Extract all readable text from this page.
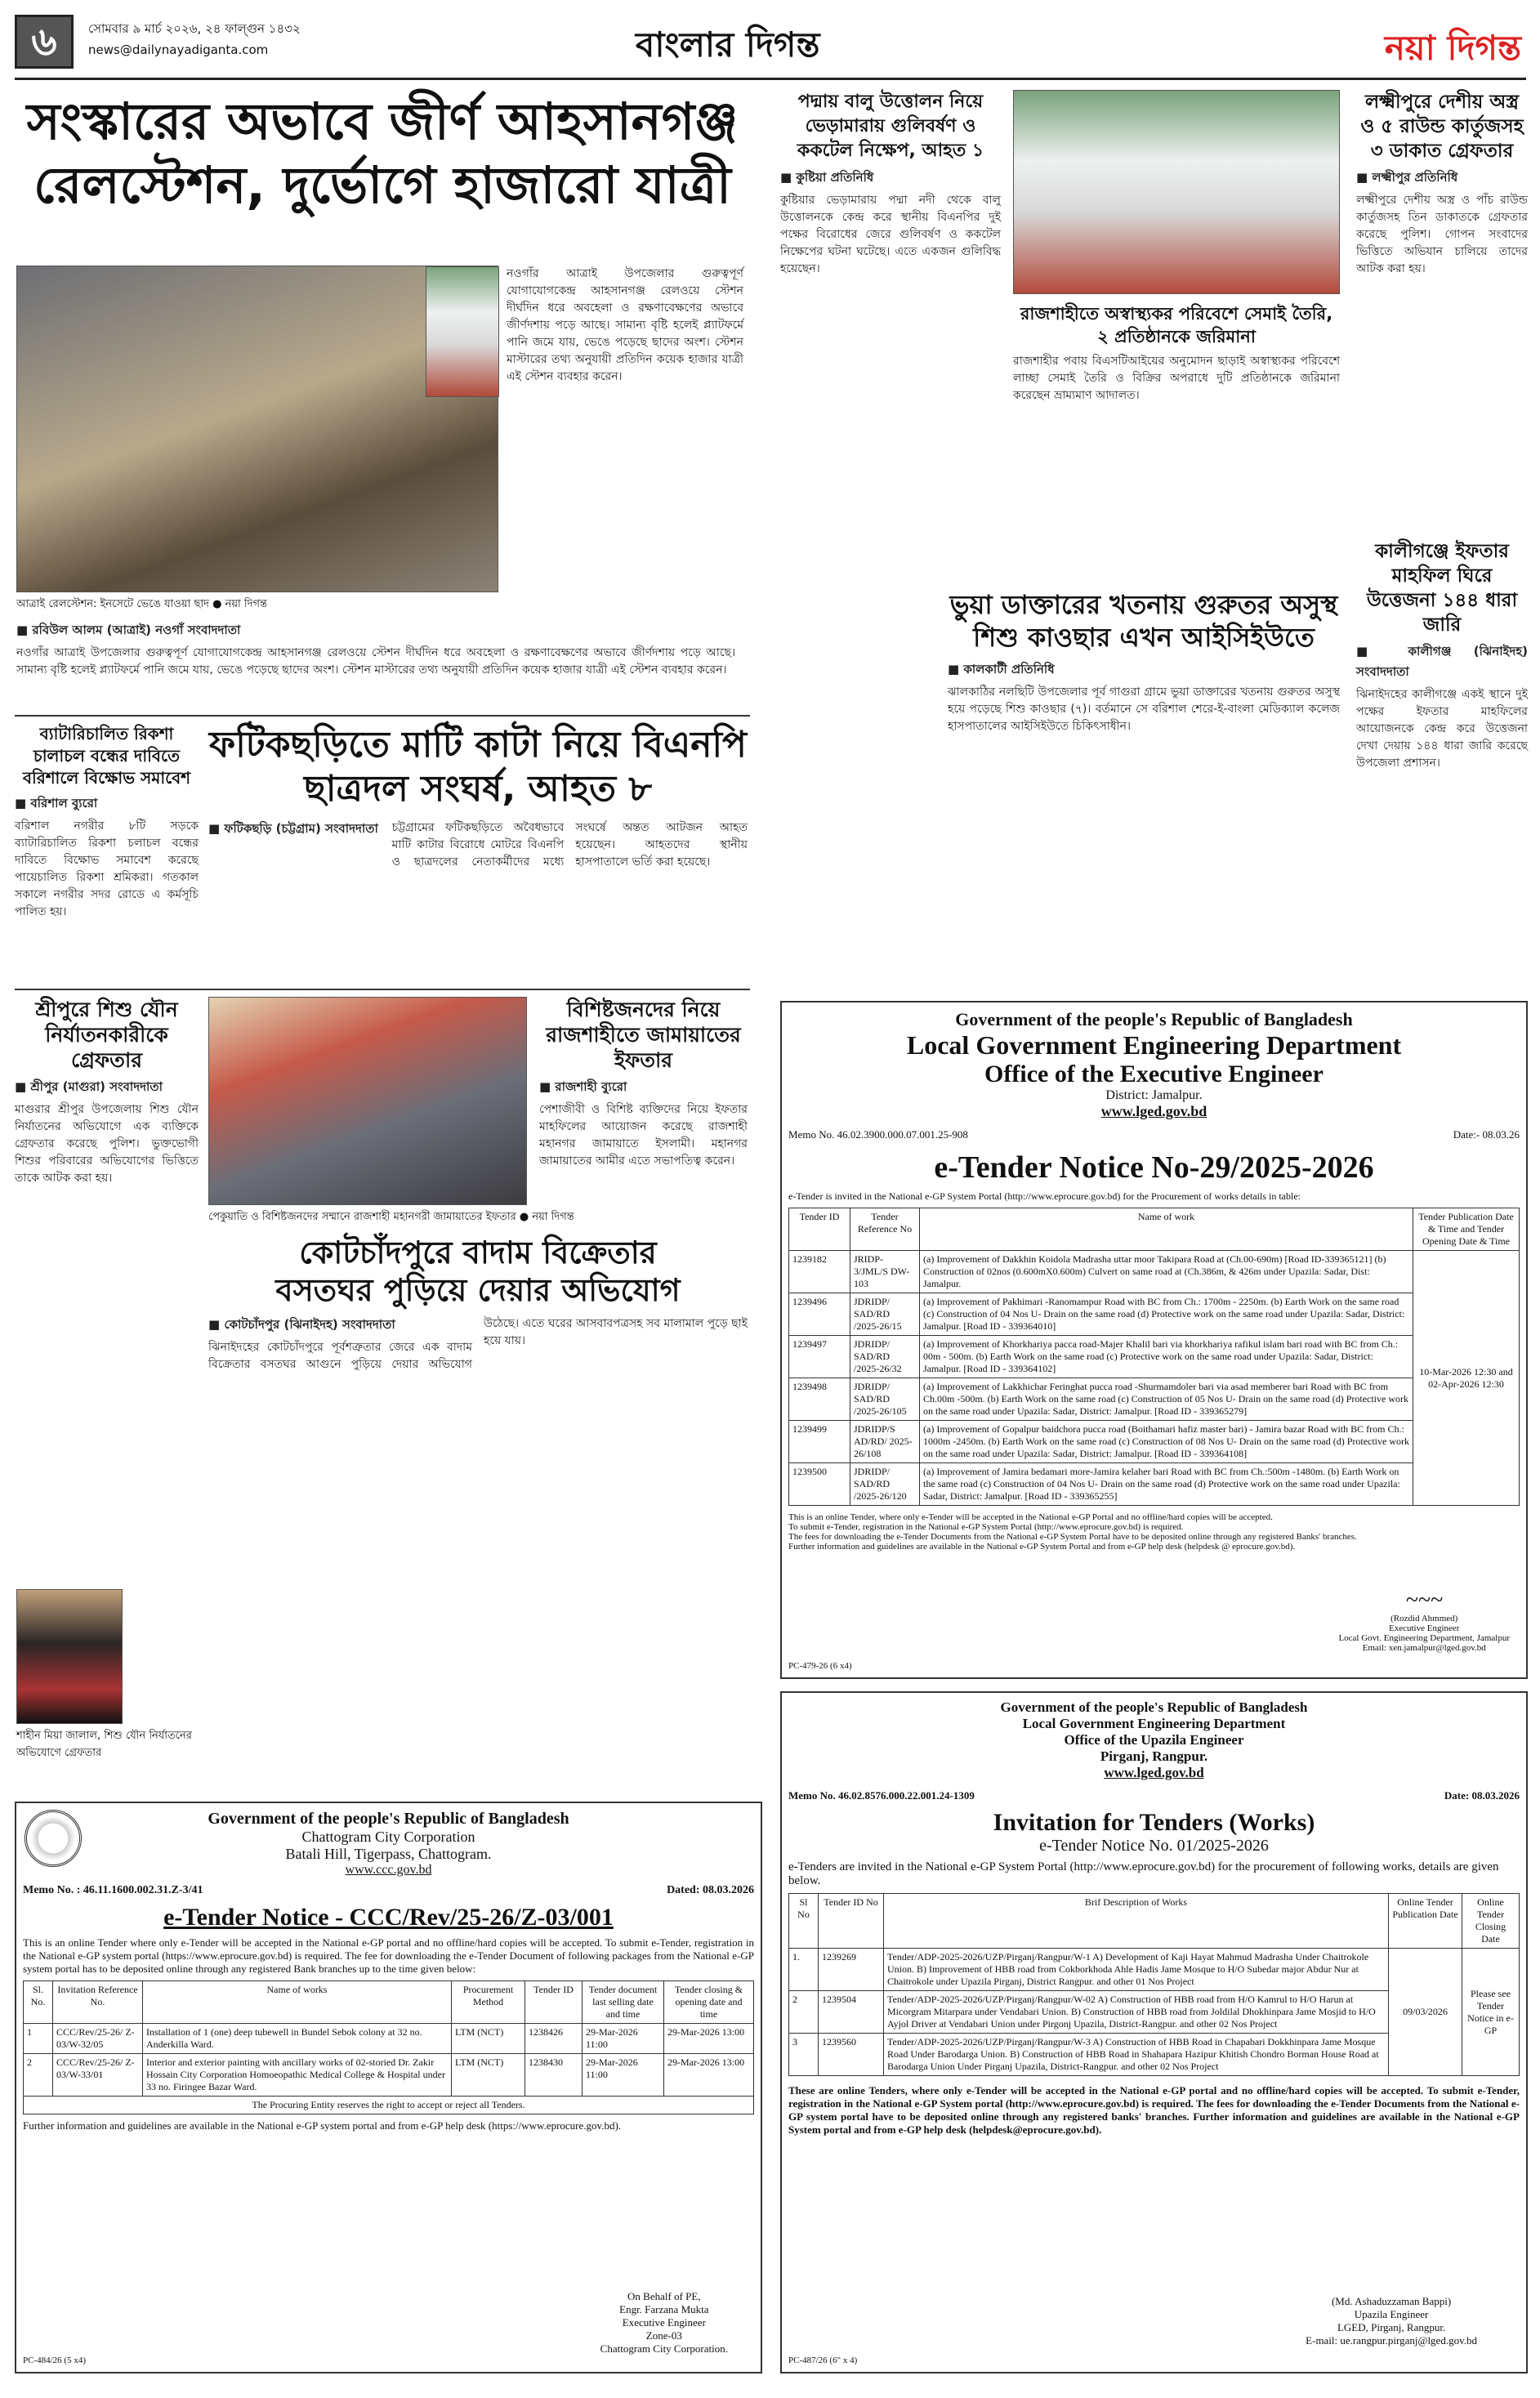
৬	সোমবার ৯ মার্চ ২০২৬, ২৪ ফাল্গুন ১৪৩২
news@dailynayadiganta.com	বাংলার দিগন্ত	নয়া দিগন্ত
সংস্কারের অভাবে জীর্ণ আহসানগঞ্জ
রেলস্টেশন, দুর্ভোগে হাজারো যাত্রী
আত্রাই রেলস্টেশন: ইনসেটে ভেঙে যাওয়া ছাদ ● নয়া দিগন্ত
■ রবিউল আলম (আত্রাই) নওগাঁ সংবাদদাতা
নওগাঁর আত্রাই উপজেলার গুরুত্বপূর্ণ যোগাযোগকেন্দ্র আহসানগঞ্জ রেলওয়ে স্টেশন দীর্ঘদিন ধরে অবহেলা ও রক্ষণাবেক্ষণের অভাবে জীর্ণদশায় পড়ে আছে। সামান্য বৃষ্টি হলেই প্ল্যাটফর্মে পানি জমে যায়, ভেঙে পড়েছে ছাদের অংশ। স্টেশন মাস্টারের তথ্য অনুযায়ী প্রতিদিন কয়েক হাজার যাত্রী এই স্টেশন ব্যবহার করেন।
নওগাঁর আত্রাই উপজেলার গুরুত্বপূর্ণ যোগাযোগকেন্দ্র আহসানগঞ্জ রেলওয়ে স্টেশন দীর্ঘদিন ধরে অবহেলা ও রক্ষণাবেক্ষণের অভাবে জীর্ণদশায় পড়ে আছে। সামান্য বৃষ্টি হলেই প্ল্যাটফর্মে পানি জমে যায়, ভেঙে পড়েছে ছাদের অংশ। স্টেশন মাস্টারের তথ্য অনুযায়ী প্রতিদিন কয়েক হাজার যাত্রী এই স্টেশন ব্যবহার করেন।
ব্যাটারিচালিত রিকশা চালাচল বন্ধের দাবিতে বরিশালে বিক্ষোভ সমাবেশ
■ বরিশাল ব্যুরো
বরিশাল নগরীর ৮টি সড়কে ব্যাটারিচালিত রিকশা চলাচল বন্ধের দাবিতে বিক্ষোভ সমাবেশ করেছে পায়েচালিত রিকশা শ্রমিকরা। গতকাল সকালে নগরীর সদর রোডে এ কর্মসূচি পালিত হয়।
ফটিকছড়িতে মাটি কাটা নিয়ে বিএনপি
ছাত্রদল সংঘর্ষ, আহত ৮
■ ফটিকছড়ি (চট্টগ্রাম) সংবাদদাতা চট্টগ্রামের ফটিকছড়িতে অবৈধভাবে মাটি কাটার বিরোধে মোটরে বিএনপি ও ছাত্রদলের নেতাকর্মীদের মধ্যে সংঘর্ষে অন্তত আটজন আহত হয়েছেন। আহতদের স্থানীয় হাসপাতালে ভর্তি করা হয়েছে।
শ্রীপুরে শিশু যৌন নির্যাতনকারীকে গ্রেফতার
■ শ্রীপুর (মাগুরা) সংবাদদাতা
মাগুরার শ্রীপুর উপজেলায় শিশু যৌন নির্যাতনের অভিযোগে এক ব্যক্তিকে গ্রেফতার করেছে পুলিশ। ভুক্তভোগী শিশুর পরিবারের অভিযোগের ভিত্তিতে তাকে আটক করা হয়।
শাহীন মিয়া জালাল, শিশু যৌন নির্যাতনের অভিযোগে গ্রেফতার
পেকুয়াতি ও বিশিষ্টজনদের সম্মানে রাজশাহী মহানগরী জামায়াতের ইফতার ● নয়া দিগন্ত
বিশিষ্টজনদের নিয়ে রাজশাহীতে জামায়াতের ইফতার
■ রাজশাহী ব্যুরো
পেশাজীবী ও বিশিষ্ট ব্যক্তিদের নিয়ে ইফতার মাহফিলের আয়োজন করেছে রাজশাহী মহানগর জামায়াতে ইসলামী। মহানগর জামায়াতের আমীর এতে সভাপতিত্ব করেন।
কোটচাঁদপুরে বাদাম বিক্রেতার
বসতঘর পুড়িয়ে দেয়ার অভিযোগ
■ কোটচাঁদপুর (ঝিনাইদহ) সংবাদদাতা
ঝিনাইদহের কোটচাঁদপুরে পূর্বশত্রুতার জেরে এক বাদাম বিক্রেতার বসতঘর আগুনে পুড়িয়ে দেয়ার অভিযোগ উঠেছে। এতে ঘরের আসবাবপত্রসহ সব মালামাল পুড়ে ছাই হয়ে যায়।
পদ্মায় বালু উত্তোলন নিয়ে ভেড়ামারায় গুলিবর্ষণ ও ককটেল নিক্ষেপ, আহত ১
■ কুষ্টিয়া প্রতিনিধি
কুষ্টিয়ার ভেড়ামারায় পদ্মা নদী থেকে বালু উত্তোলনকে কেন্দ্র করে স্থানীয় বিএনপির দুই পক্ষের বিরোধের জেরে গুলিবর্ষণ ও ককটেল নিক্ষেপের ঘটনা ঘটেছে। এতে একজন গুলিবিদ্ধ হয়েছেন।
রাজশাহীতে অস্বাস্থ্যকর পরিবেশে সেমাই তৈরি, ২ প্রতিষ্ঠানকে জরিমানা
রাজশাহীর পবায় বিএসটিআইয়ের অনুমোদন ছাড়াই অস্বাস্থ্যকর পরিবেশে লাচ্ছা সেমাই তৈরি ও বিক্রির অপরাধে দুটি প্রতিষ্ঠানকে জরিমানা করেছেন ভ্রাম্যমাণ আদালত।
লক্ষ্মীপুরে দেশীয় অস্ত্র ও ৫ রাউন্ড কার্তুজসহ ৩ ডাকাত গ্রেফতার
■ লক্ষ্মীপুর প্রতিনিধি
লক্ষ্মীপুরে দেশীয় অস্ত্র ও পাঁচ রাউন্ড কার্তুজসহ তিন ডাকাতকে গ্রেফতার করেছে পুলিশ। গোপন সংবাদের ভিত্তিতে অভিযান চালিয়ে তাদের আটক করা হয়।
ভুয়া ডাক্তারের খতনায় গুরুতর অসুস্থ
শিশু কাওছার এখন আইসিইউতে
■ কালকাটী প্রতিনিধি
ঝালকাঠির নলছিটি উপজেলার পূর্ব গাগুরা গ্রামে ভুয়া ডাক্তারের খতনায় গুরুতর অসুস্থ হয়ে পড়েছে শিশু কাওছার (৭)। বর্তমানে সে বরিশাল শেরে-ই-বাংলা মেডিক্যাল কলেজ হাসপাতালের আইসিইউতে চিকিৎসাধীন।
কালীগঞ্জে ইফতার মাহফিল ঘিরে উত্তেজনা ১৪৪ ধারা জারি
■ কালীগঞ্জ (ঝিনাইদহ) সংবাদদাতা
ঝিনাইদহের কালীগঞ্জে একই স্থানে দুই পক্ষের ইফতার মাহফিলের আয়োজনকে কেন্দ্র করে উত্তেজনা দেখা দেয়ায় ১৪৪ ধারা জারি করেছে উপজেলা প্রশাসন।
Government of the people's Republic of Bangladesh
Local Government Engineering Department
Office of the Executive Engineer
District: Jamalpur.
www.lged.gov.bd
Memo No. 46.02.3900.000.07.001.25-908	Date:- 08.03.26
e-Tender Notice No-29/2025-2026
e-Tender is invited in the National e-GP System Portal (http://www.eprocure.gov.bd) for the Procurement of works details in table:
Tender ID	Tender Reference No	Name of work	Tender Publication Date & Time and Tender Opening Date & Time
1239182	JRIDP-3/JML/S DW-103	(a) Improvement of Dakkhin Koidola Madrasha uttar moor Takipara Road at (Ch.00-690m) [Road ID-339365121] (b) Construction of 02nos (0.600mX0.600m) Culvert on same road at (Ch.386m, & 426m under Upazila: Sadar, Dist: Jamalpur.	10-Mar-2026 12:30 and 02-Apr-2026 12:30
1239496	JDRIDP/ SAD/RD /2025-26/15	(a) Improvement of Pakhimari -Ranomampur Road with BC from Ch.: 1700m - 2250m. (b) Earth Work on the same road (c) Construction of 04 Nos U- Drain on the same road (d) Protective work on the same road under Upazila: Sadar, District: Jamalpur. [Road ID - 339364010]	
1239497	JDRIDP/ SAD/RD /2025-26/32	(a) Improvement of Khorkhariya pacca road-Majer Khalil bari via khorkhariya rafikul islam bari road with BC from Ch.: 00m - 500m. (b) Earth Work on the same road (c) Protective work on the same road under Upazila: Sadar, District: Jamalpur. [Road ID - 339364102]	
1239498	JDRIDP/ SAD/RD /2025-26/105	(a) Improvement of Lakkhichar Feringhat pucca road -Shurmamdoler bari via asad memberer bari Road with BC from Ch.00m -500m. (b) Earth Work on the same road (c) Construction of 05 Nos U- Drain on the same road (d) Protective work on the same road under Upazila: Sadar, District: Jamalpur. [Road ID - 339365279]	
1239499	JDRIDP/S AD/RD/ 2025-26/108	(a) Improvement of Gopalpur baidchora pucca road (Boithamari hafiz master bari) - Jamira bazar Road with BC from Ch.: 1000m -2450m. (b) Earth Work on the same road (c) Construction of 08 Nos U- Drain on the same road (d) Protective work on the same road under Upazila: Sadar, District: Jamalpur. [Road ID - 339364108]	
1239500	JDRIDP/ SAD/RD /2025-26/120	(a) Improvement of Jamira bedamari more-Jamira kelaher bari Road with BC from Ch.:500m -1480m. (b) Earth Work on the same road (c) Construction of 04 Nos U- Drain on the same road (d) Protective work on the same road under Upazila: Sadar, District: Jamalpur. [Road ID - 339365255]	
This is an online Tender, where only e-Tender will be accepted in the National e-GP Portal and no offline/hard copies will be accepted.
To submit e-Tender, registration in the National e-GP System Portal (http://www.eprocure.gov.bd) is required.
The fees for downloading the e-Tender Documents from the National e-GP System Portal have to be deposited online through any registered Banks' branches.
Further information and guidelines are available in the National e-GP System Portal and from e-GP help desk (helpdesk @ eprocure.gov.bd).
~~~
(Rozdid Ahmmed)
Executive Engineer
Local Govt. Engineering Department, Jamalpur
Email: xen.jamalpur@lged.gov.bd
PC-479-26 (6 x4)
Government of the people's Republic of Bangladesh
Chattogram City Corporation
Batali Hill, Tigerpass, Chattogram.
www.ccc.gov.bd
Memo No. : 46.11.1600.002.31.Z-3/41	Dated: 08.03.2026
e-Tender Notice - CCC/Rev/25-26/Z-03/001
This is an online Tender where only e-Tender will be accepted in the National e-GP portal and no offline/hard copies will be accepted. To submit e-Tender, registration in the National e-GP system portal (https://www.eprocure.gov.bd) is required. The fee for downloading the e-Tender Document of following packages from the National e-GP system portal has to be deposited online through any registered Bank branches up to the time given below:
Sl. No.	Invitation Reference No.	Name of works	Procurement Method	Tender ID	Tender document last selling date and time	Tender closing & opening date and time
1	CCC/Rev/25-26/ Z-03/W-32/05	Installation of 1 (one) deep tubewell in Bundel Sebok colony at 32 no. Anderkilla Ward.	LTM (NCT)	1238426	29-Mar-2026 11:00	29-Mar-2026 13:00
2	CCC/Rev/25-26/ Z-03/W-33/01	Interior and exterior painting with ancillary works of 02-storied Dr. Zakir Hossain City Corporation Homoeopathic Medical College & Hospital under 33 no. Firingee Bazar Ward.	LTM (NCT)	1238430	29-Mar-2026 11:00	29-Mar-2026 13:00
The Procuring Entity reserves the right to accept or reject all Tenders.						
Further information and guidelines are available in the National e-GP system portal and from e-GP help desk (https://www.eprocure.gov.bd).
On Behalf of PE,
Engr. Farzana Mukta
Executive Engineer
Zone-03
Chattogram City Corporation.
PC-484/26 (5 x4)
Government of the people's Republic of Bangladesh
Local Government Engineering Department
Office of the Upazila Engineer
Pirganj, Rangpur.
www.lged.gov.bd
Memo No. 46.02.8576.000.22.001.24-1309	Date: 08.03.2026
Invitation for Tenders (Works)
e-Tender Notice No. 01/2025-2026
e-Tenders are invited in the National e-GP System Portal (http://www.eprocure.gov.bd) for the procurement of following works, details are given below.
Sl No	Tender ID No	Brif Description of Works	Online Tender Publication Date	Online Tender Closing Date
1.	1239269	Tender/ADP-2025-2026/UZP/Pirganj/Rangpur/W-1 A) Development of Kaji Hayat Mahmud Madrasha Under Chaitrokole Union. B) Improvement of HBB road from Cokborkhoda Ahle Hadis Jame Mosque to H/O Subedar major Abdur Nur at Chaitrokole under Upazila Pirganj, District Rangpur. and other 01 Nos Project	09/03/2026	Please see Tender Notice in e-GP
2	1239504	Tender/ADP-2025-2026/UZP/Pirganj/Rangpur/W-02 A) Construction of HBB road from H/O Kamrul to H/O Harun at Micorgram Mitarpara under Vendabari Union. B) Construction of HBB road from Joldilal Dhokhinpara Jame Mosjid to H/O Ayjol Driver at Vendabari Union under Pirgonj Upazila, District-Rangpur. and other 02 Nos Project		
3	1239560	Tender/ADP-2025-2026/UZP/Pirganj/Rangpur/W-3 A) Construction of HBB Road in Chapabari Dokkhinpara Jame Mosque Road Under Barodarga Union. B) Construction of HBB Road in Shahapara Hazipur Khitish Chondro Borman House Road at Barodarga Union Under Pirganj Upazila, District-Rangpur. and other 02 Nos Project		
These are online Tenders, where only e-Tender will be accepted in the National e-GP portal and no offline/hard copies will be accepted. To submit e-Tender, registration in the National e-GP System portal (http://www.eprocure.gov.bd) is required. The fees for downloading the e-Tender Documents from the National e-GP system portal have to be deposited online through any registered banks' branches. Further information and guidelines are available in the National e-GP System portal and from e-GP help desk (helpdesk@eprocure.gov.bd).
(Md. Ashaduzzaman Bappi)
Upazila Engineer
LGED, Pirganj, Rangpur.
E-mail: ue.rangpur.pirganj@lged.gov.bd
PC-487/26 (6" x 4)
